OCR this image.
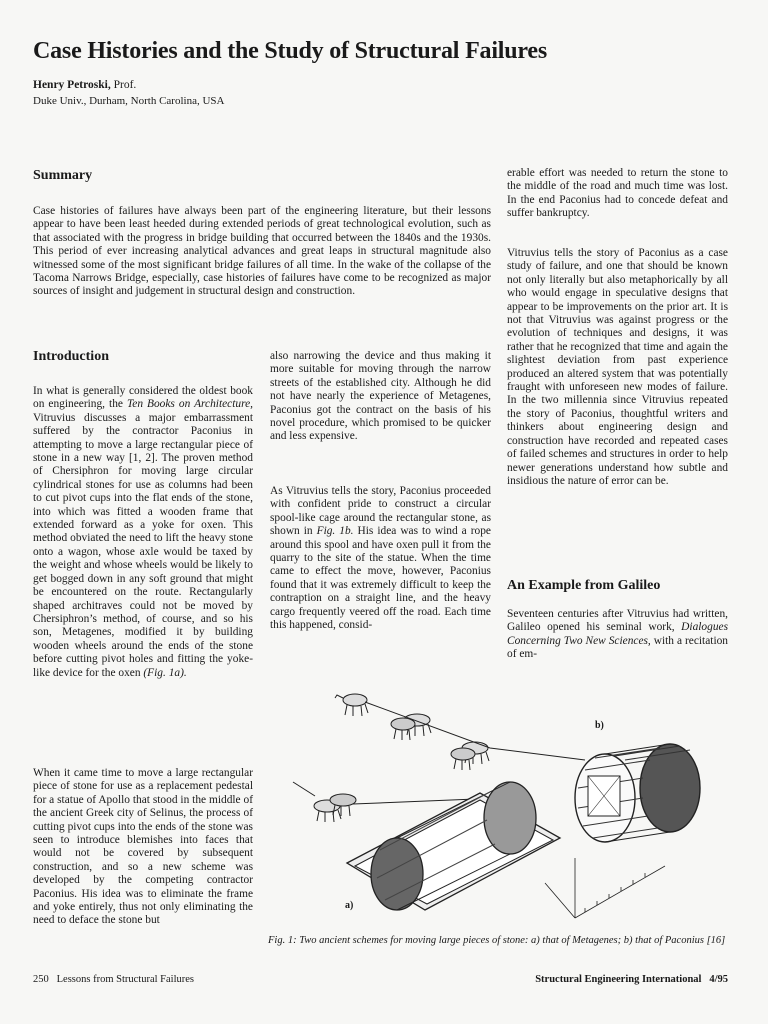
Case Histories and the Study of Structural Failures
Henry Petroski, Prof.
Duke Univ., Durham, North Carolina, USA
Summary

Case histories of failures have always been part of the engineering literature, but their lessons appear to have been least heeded during extended periods of great technological evolution, such as that associated with the progress in bridge building that occurred between the 1840s and the 1930s. This period of ever increasing analytical advances and great leaps in structural magnitude also witnessed some of the most significant bridge failures of all time. In the wake of the collapse of the Tacoma Narrows Bridge, especially, case histories of failures have come to be recognized as major sources of insight and judgement in structural design and construction.

Introduction

In what is generally considered the oldest book on engineering, the Ten Books on Architecture, Vitruvius discusses a major embarrassment suffered by the contractor Paconius in attempting to move a large rectangular piece of stone in a new way [1, 2]. The proven method of Chersiphron for moving large circular cylindrical stones for use as columns had been to cut pivot cups into the flat ends of the stone, into which was fitted a wooden frame that extended forward as a yoke for oxen. This method obviated the need to lift the heavy stone onto a wagon, whose axle would be taxed by the weight and whose wheels would be likely to get bogged down in any soft ground that might be encountered on the route. Rectangularly shaped architraves could not be moved by Chersiphron’s method, of course, and so his son, Metagenes, modified it by building wooden wheels around the ends of the stone before cutting pivot holes and fitting the yoke-like device for the oxen (Fig. 1a).

When it came time to move a large rectangular piece of stone for use as a replacement pedestal for a statue of Apollo that stood in the middle of the ancient Greek city of Selinus, the process of cutting pivot cups into the ends of the stone was seen to introduce blemishes into faces that would not be covered by subsequent construction, and so a new scheme was developed by the competing contractor Paconius. His idea was to eliminate the frame and yoke entirely, thus not only eliminating the need to deface the stone but

also narrowing the device and thus making it more suitable for moving through the narrow streets of the established city. Although he did not have nearly the experience of Metagenes, Paconius got the contract on the basis of his novel procedure, which promised to be quicker and less expensive.

As Vitruvius tells the story, Paconius proceeded with confident pride to construct a circular spool-like cage around the rectangular stone, as shown in Fig. 1b. His idea was to wind a rope around this spool and have oxen pull it from the quarry to the site of the statue. When the time came to effect the move, however, Paconius found that it was extremely difficult to keep the contraption on a straight line, and the heavy cargo frequently veered off the road. Each time this happened, consid-

erable effort was needed to return the stone to the middle of the road and much time was lost. In the end Paconius had to concede defeat and suffer bankruptcy.

Vitruvius tells the story of Paconius as a case study of failure, and one that should be known not only literally but also metaphorically by all who would engage in speculative designs that appear to be improvements on the prior art. It is not that Vitruvius was against progress or the evolution of techniques and designs, it was rather that he recognized that time and again the slightest deviation from past experience produced an altered system that was potentially fraught with unforeseen new modes of failure. In the two millennia since Vitruvius repeated the story of Paconius, thoughtful writers and thinkers about engineering design and construction have recorded and repeated cases of failed schemes and structures in order to help newer generations understand how subtle and insidious the nature of error can be.

An Example from Galileo

Seventeen centuries after Vitruvius had written, Galileo opened his seminal work, Dialogues Concerning Two New Sciences, with a recitation of em-

a)
b)

Fig. 1: Two ancient schemes for moving large pieces of stone: a) that of Metagenes; b) that of Paconius [16]

250   Lessons from Structural Failures	Structural Engineering International   4/95
